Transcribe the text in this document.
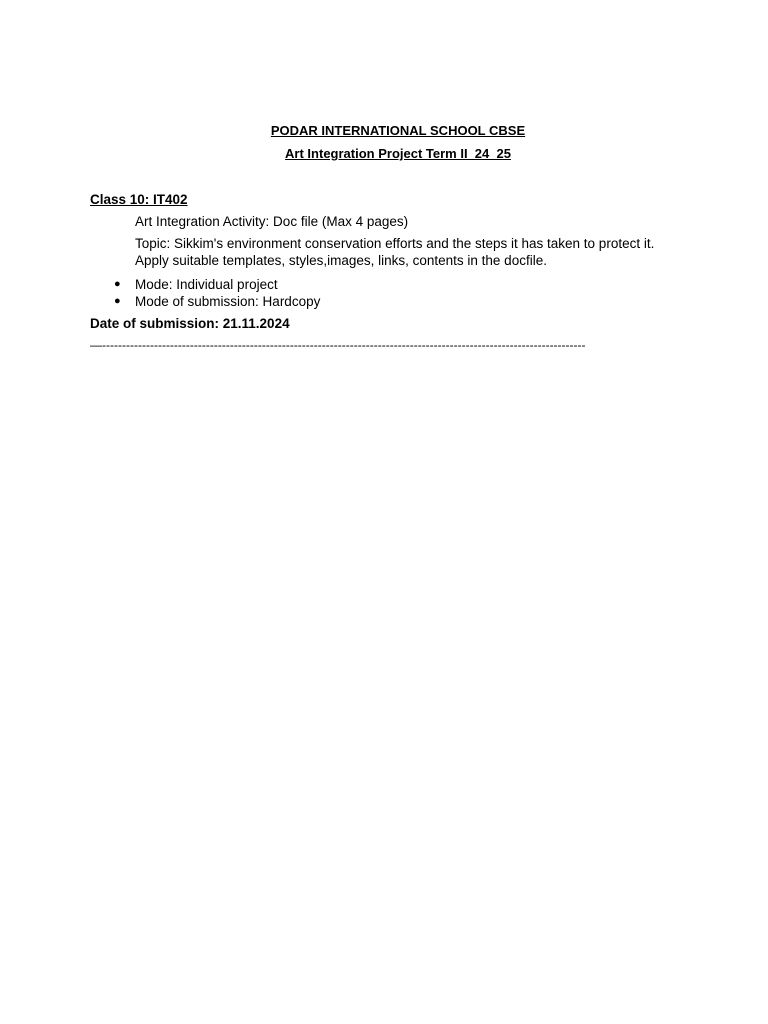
PODAR INTERNATIONAL SCHOOL CBSE
Art Integration Project Term II_24_25
Class 10: IT402
Art Integration Activity: Doc file (Max 4 pages)
Topic: Sikkim's environment conservation efforts and the steps it has taken to protect it.
Apply suitable templates, styles,images, links, contents in the docfile.
● Mode: Individual project
● Mode of submission: Hardcopy
Date of submission: 21.11.2024
—-------------------------------------------------------------------------------------------------------------------------
